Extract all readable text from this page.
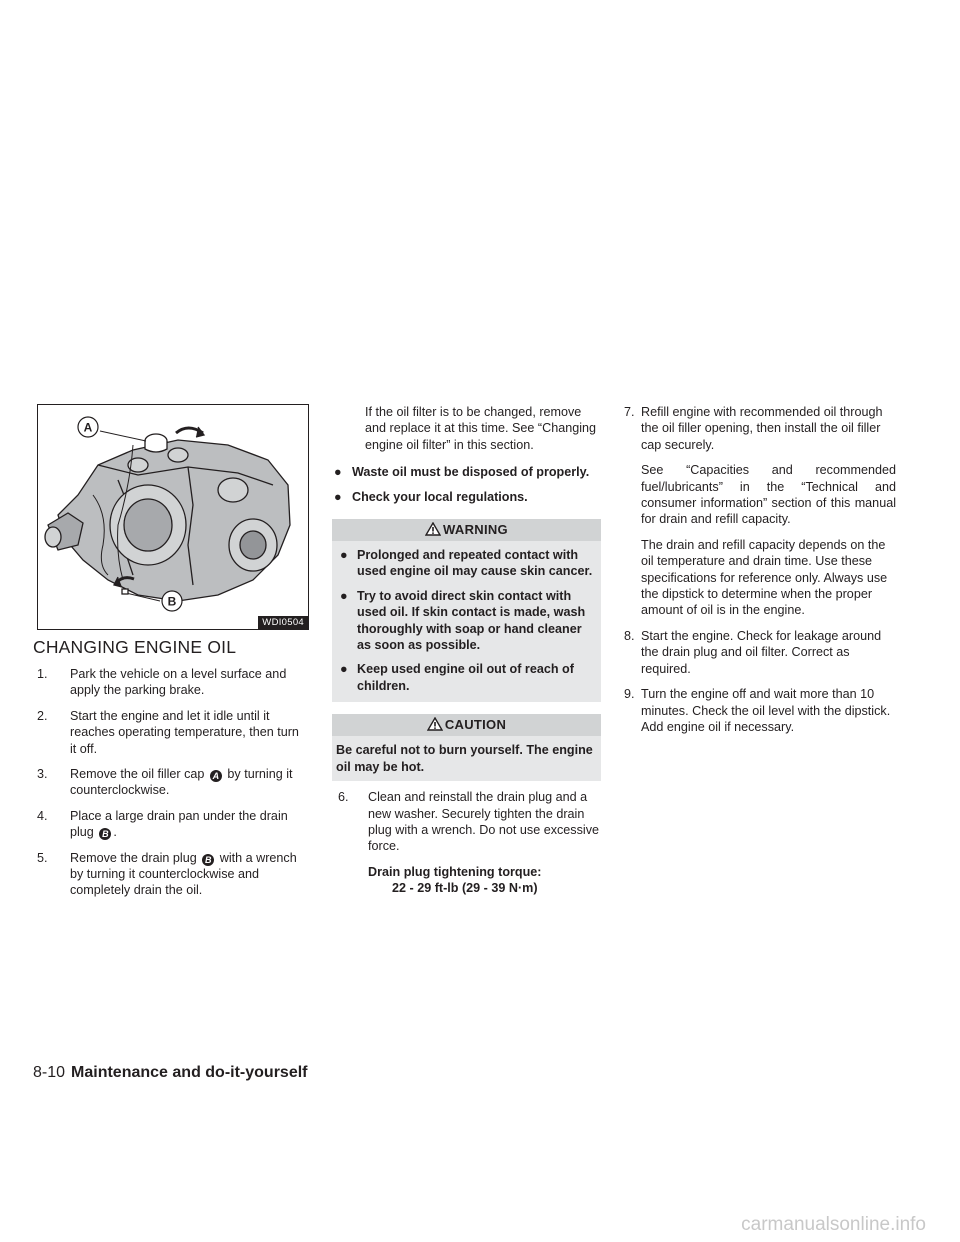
A
B
WDI0504
CHANGING ENGINE OIL
1. Park the vehicle on a level surface and apply the parking brake.
2. Start the engine and let it idle until it reaches operating temperature, then turn it off.
3. Remove the oil filler cap A by turning it counterclockwise.
4. Place a large drain pan under the drain plug B .
5. Remove the drain plug B with a wrench by turning it counterclockwise and completely drain the oil.

If the oil filter is to be changed, remove and replace it at this time. See “Changing engine oil filter” in this section.

● Waste oil must be disposed of properly.
● Check your local regulations.
WARNING
● Prolonged and repeated contact with used engine oil may cause skin cancer.
● Try to avoid direct skin contact with used oil. If skin contact is made, wash thoroughly with soap or hand cleaner as soon as possible.
● Keep used engine oil out of reach of children.
CAUTION

Be careful not to burn yourself. The engine oil may be hot.

6. Clean and reinstall the drain plug and a new washer. Securely tighten the drain plug with a wrench. Do not use excessive force.

Drain plug tightening torque:

22 - 29 ft-lb (29 - 39 N·m)

7. Refill engine with recommended oil through the oil filler opening, then install the oil filler cap securely.

See “Capacities and recommended fuel/lubricants” in the “Technical and consumer information” section of this manual for drain and refill capacity.

The drain and refill capacity depends on the oil temperature and drain time. Use these specifications for reference only. Always use the dipstick to determine when the proper amount of oil is in the engine.

8. Start the engine. Check for leakage around the drain plug and oil filter. Correct as required.
9. Turn the engine off and wait more than 10 minutes. Check the oil level with the dipstick. Add engine oil if necessary.
8-10 Maintenance and do-it-yourself
carmanualsonline.info
